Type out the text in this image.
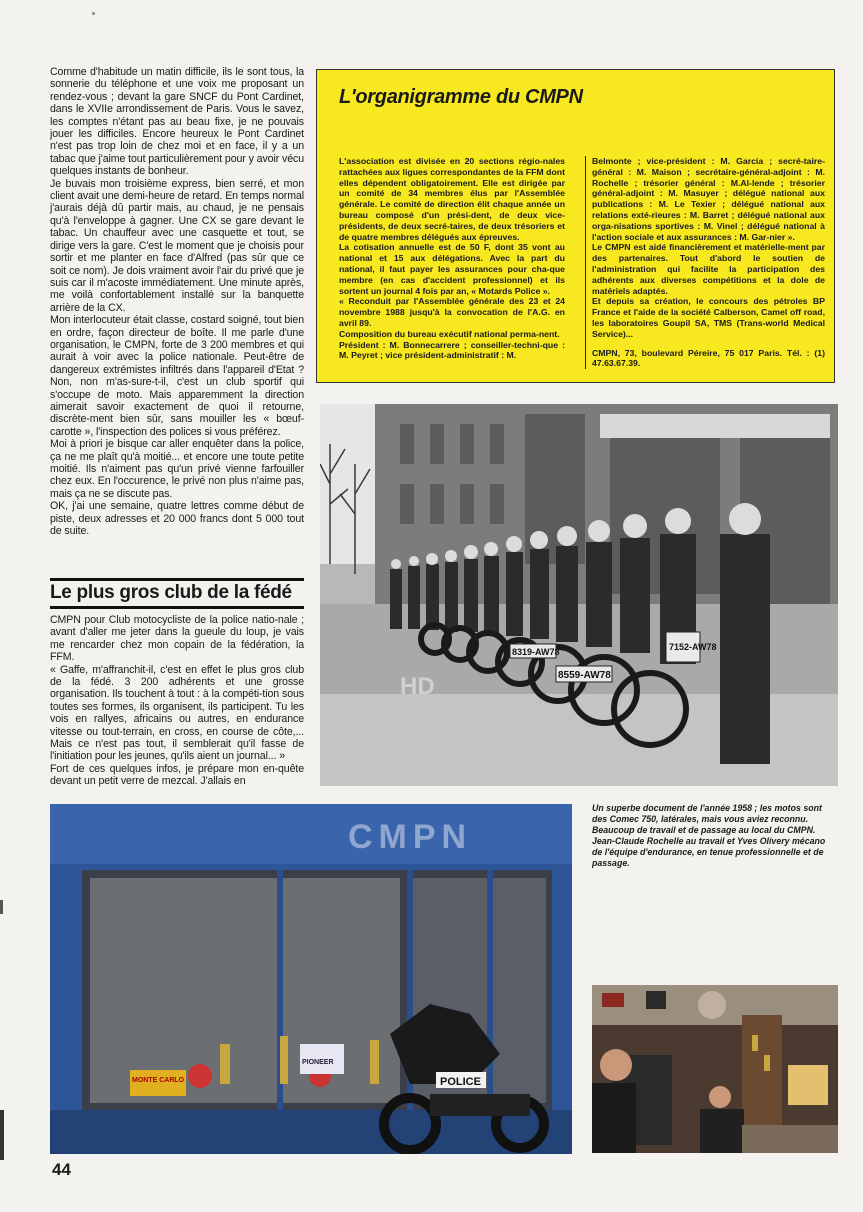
Comme d'habitude un matin difficile, ils le sont tous, la sonnerie du téléphone et une voix me proposant un rendez-vous ; devant la gare SNCF du Pont Cardinet, dans le XVIIe arrondissement de Paris. Vous le savez, les comptes n'étant pas au beau fixe, je ne pouvais jouer les difficiles. Encore heureux le Pont Cardinet n'est pas trop loin de chez moi et en face, il y a un tabac que j'aime tout particulièrement pour y avoir vécu quelques instants de bonheur.

Je buvais mon troisième express, bien serré, et mon client avait une demi-heure de retard. En temps normal j'aurais déjà dû partir mais, au chaud, je ne pensais qu'à l'enveloppe à gagner. Une CX se gare devant le tabac. Un chauffeur avec une casquette et tout, se dirige vers la gare. C'est le moment que je choisis pour sortir et me planter en face d'Alfred (pas sûr que ce soit ce nom). Je dois vraiment avoir l'air du privé que je suis car il m'acoste immédiatement. Une minute après, me voilà confortablement installé sur la banquette arrière de la CX.

Mon interlocuteur était classe, costard soigné, tout bien en ordre, façon directeur de boîte. Il me parle d'une organisation, le CMPN, forte de 3 200 membres et qui aurait à voir avec la police nationale. Peut-être de dangereux extrémistes infiltrés dans l'appareil d'Etat ? Non, non m'as-sure-t-il, c'est un club sportif qui s'occupe de moto. Mais apparemment la direction aimerait savoir exactement de quoi il retourne, discrète-ment bien sûr, sans mouiller les « bœuf-carotte », l'inspection des polices si vous préférez.

Moi à priori je bisque car aller enquêter dans la police, ça ne me plaît qu'à moitié... et encore une toute petite moitié. Ils n'aiment pas qu'un privé vienne farfouiller chez eux. En l'occurence, le privé non plus n'aime pas, mais ça ne se discute pas.

OK, j'ai une semaine, quatre lettres comme début de piste, deux adresses et 20 000 francs dont 5 000 tout de suite.

Le plus gros club de la fédé

CMPN pour Club motocycliste de la police natio-nale ; avant d'aller me jeter dans la gueule du loup, je vais me rencarder chez mon copain de la fédération, la FFM.

« Gaffe, m'affranchit-il, c'est en effet le plus gros club de la fédé. 3 200 adhérents et une grosse organisation. Ils touchent à tout : à la compéti-tion sous toutes ses formes, ils organisent, ils participent. Tu les vois en rallyes, africains ou autres, en endurance vitesse ou tout-terrain, en cross, en course de côte,... Mais ce n'est pas tout, il semblerait qu'il fasse de l'initiation pour les jeunes, qu'ils aient un journal... »

Fort de ces quelques infos, je prépare mon en-quête devant un petit verre de mezcal. J'allais en

L'organigramme du CMPN

L'association est divisée en 20 sections régio-nales rattachées aux ligues correspondantes de la FFM dont elles dépendent obligatoirement. Elle est dirigée par un comité de 34 membres élus par l'Assemblée générale. Le comité de direction élit chaque année un bureau composé d'un prési-dent, de deux vice-présidents, de deux secré-taires, de deux trésoriers et de quatre membres délégués aux épreuves.

La cotisation annuelle est de 50 F, dont 35 vont au national et 15 aux délégations. Avec la part du national, il faut payer les assurances pour cha-que membre (en cas d'accident professionnel) et ils sortent un journal 4 fois par an, « Motards Police ».

« Reconduit par l'Assemblée générale des 23 et 24 novembre 1988 jusqu'à la convocation de l'A.G. en avril 89.

Composition du bureau exécutif national perma-nent.

Président : M. Bonnecarrere ; conseiller-techni-que : M. Peyret ; vice président-administratif : M.

Belmonte ; vice-président : M. Garcia ; secré-taire-général : M. Maison ; secrétaire-général-adjoint : M. Rochelle ; trésorier général : M.Al-lende ; trésorier général-adjoint : M. Masuyer ; délégué national aux publications : M. Le Texier ; délégué national aux relations exté-rieures : M. Barret ; délégué national aux orga-nisations sportives : M. Vinel ; délégué national à l'action sociale et aux assurances : M. Gar-nier ».

Le CMPN est aidé financièrement et matérielle-ment par des partenaires. Tout d'abord le soutien de l'administration qui facilite la participation des adhérents aux diverses compétitions et la dole de matériels adaptés.

Et depuis sa création, le concours des pétroles BP France et l'aide de la société Calberson, Camel off road, les laboratoires Goupil SA, TMS (Trans-world Medical Service)...

CMPN, 73, boulevard Péreire, 75 017 Paris. Tél. : (1) 47.63.67.39.

8319-AW78
8559-AW78
7152-AW78
HD
Un superbe document de l'année 1958 ; les motos sont des Comec 750, latérales, mais vous aviez reconnu. Beaucoup de travail et de passage au local du CMPN. Jean-Claude Rochelle au travail et Yves Olivery mécano de l'équipe d'endurance, en tenue professionnelle et de passage.
CMPN
MONTE CARLO
PIONEER
POLICE
44
